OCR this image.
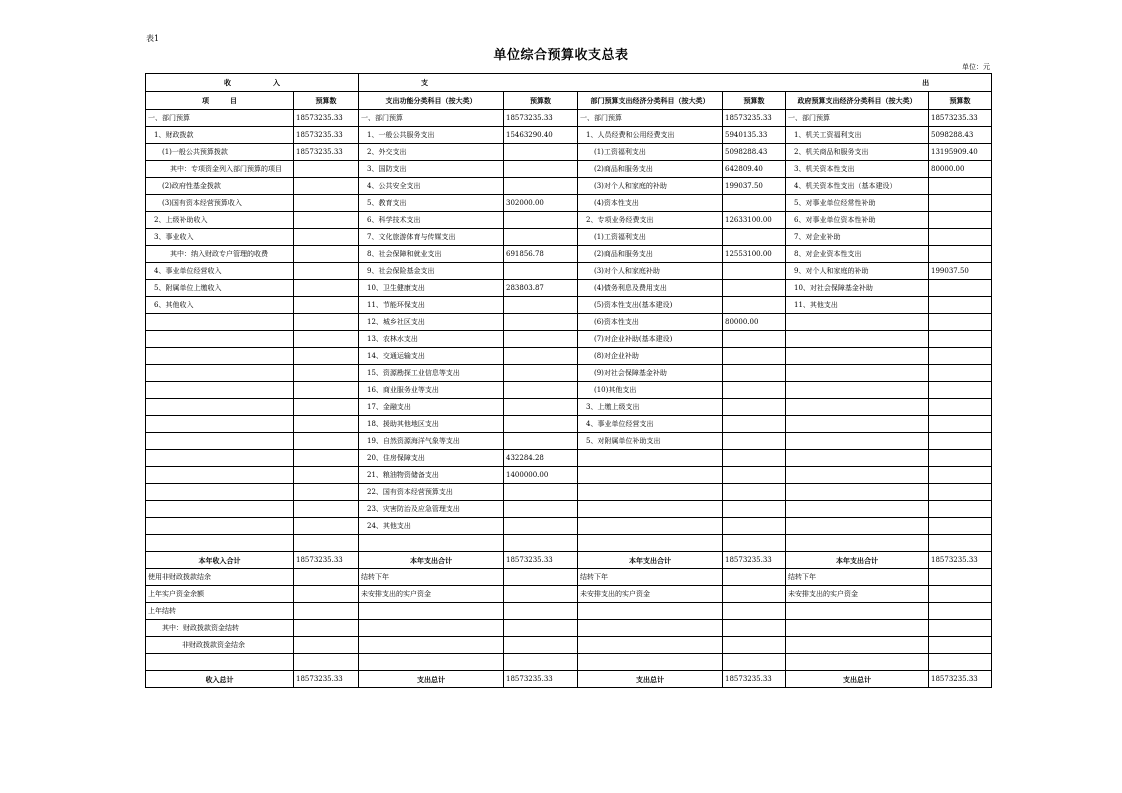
表1
单位综合预算收支总表
单位：元
收　　　　　　入		支 出					

项　　　目	预算数	支出功能分类科目（按大类）	预算数	部门预算支出经济分类科目（按大类）	预算数	政府预算支出经济分类科目（按大类）	预算数
一、部门预算	18573235.33	一、部门预算	18573235.33	一、部门预算	18573235.33	一、部门预算	18573235.33
1、财政拨款	18573235.33	1、一般公共服务支出	15463290.40	1、人员经费和公用经费支出	5940135.33	1、机关工资福利支出	5098288.43
(1)一般公共预算拨款	18573235.33	2、外交支出		(1)工资福利支出	5098288.43	2、机关商品和服务支出	13195909.40
其中：专项资金列入部门预算的项目		3、国防支出		(2)商品和服务支出	642809.40	3、机关资本性支出	80000.00
(2)政府性基金拨款		4、公共安全支出		(3)对个人和家庭的补助	199037.50	4、机关资本性支出（基本建设）	
(3)国有资本经营预算收入		5、教育支出	302000.00	(4)资本性支出		5、对事业单位经常性补助	
2、上级补助收入		6、科学技术支出		2、专项业务经费支出	12633100.00	6、对事业单位资本性补助	
3、事业收入		7、文化旅游体育与传媒支出		(1)工资福利支出		7、对企业补助	
其中：纳入财政专户管理的收费		8、社会保障和就业支出	691856.78	(2)商品和服务支出	12553100.00	8、对企业资本性支出	
4、事业单位经营收入		9、社会保险基金支出		(3)对个人和家庭补助		9、对个人和家庭的补助	199037.50
5、附属单位上缴收入		10、卫生健康支出	283803.87	(4)债务利息及费用支出		10、对社会保障基金补助	
6、其他收入		11、节能环保支出		(5)资本性支出(基本建设)		11、其他支出	
		12、城乡社区支出		(6)资本性支出	80000.00		
		13、农林水支出		(7)对企业补助(基本建设)			
		14、交通运输支出		(8)对企业补助			
		15、资源勘探工业信息等支出		(9)对社会保障基金补助			
		16、商业服务业等支出		(10)其他支出			
		17、金融支出		3、上缴上级支出			
		18、援助其他地区支出		4、事业单位经营支出			
		19、自然资源海洋气象等支出		5、对附属单位补助支出			
		20、住房保障支出	432284.28				
		21、粮油物资储备支出	1400000.00				
		22、国有资本经营预算支出					
		23、灾害防治及应急管理支出					
		24、其他支出					

本年收入合计	18573235.33	本年支出合计	18573235.33	本年支出合计	18573235.33	本年支出合计	18573235.33
使用非财政拨款结余		结转下年		结转下年		结转下年	
上年实户资金余额		未安排支出的实户资金		未安排支出的实户资金		未安排支出的实户资金	
上年结转							
其中：财政拨款资金结转							
非财政拨款资金结余							

收入总计	18573235.33	支出总计	18573235.33	支出总计	18573235.33	支出总计	18573235.33
